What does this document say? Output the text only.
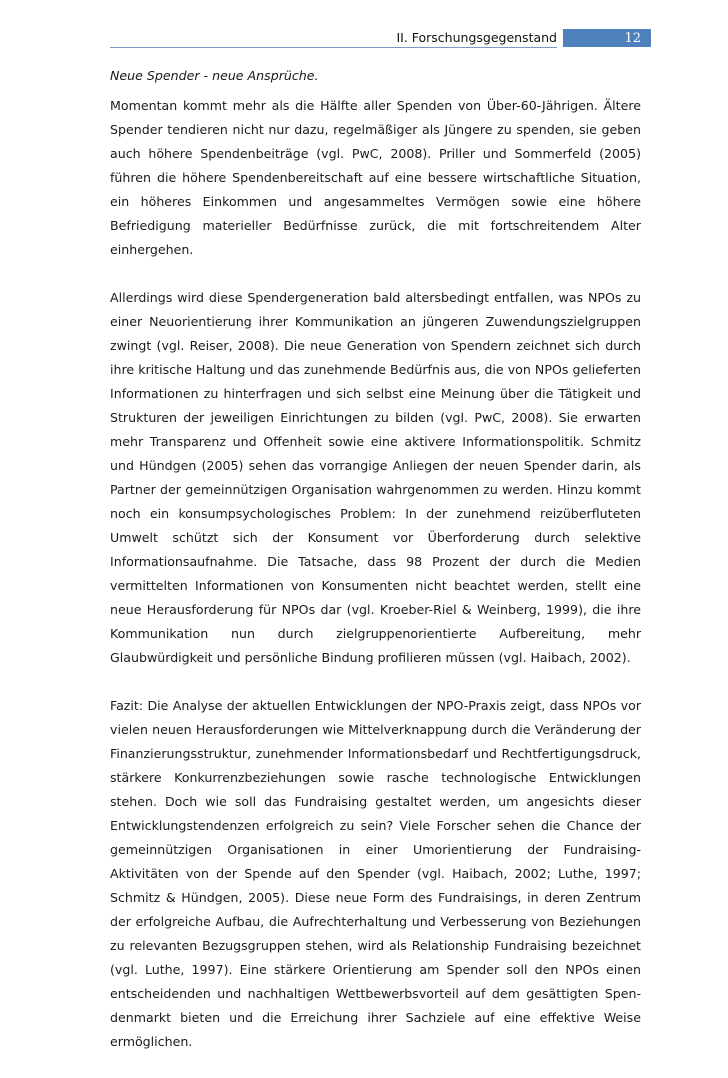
II. Forschungsgegenstand	12

Neue Spender - neue Ansprüche.

Momentan kommt mehr als die Hälfte aller Spenden von Über-60-Jährigen. Ältere Spender tendieren nicht nur dazu, regelmäßiger als Jüngere zu spenden, sie geben auch höhere Spendenbeiträge (vgl. PwC, 2008). Priller und Sommerfeld (2005) führen die höhere Spendenbereitschaft auf eine bessere wirtschaftliche Situation, ein höheres Einkommen und angesammeltes Vermögen sowie eine höhere Befriedigung materieller Bedürfnisse zurück, die mit fortschreitendem Alter einhergehen.

Allerdings wird diese Spendergeneration bald altersbedingt entfallen, was NPOs zu einer Neuorientierung ihrer Kommunikation an jüngeren Zuwendungszielgruppen zwingt (vgl. Reiser, 2008). Die neue Generation von Spendern zeichnet sich durch ihre kritische Haltung und das zunehmende Bedürfnis aus, die von NPOs gelieferten Informationen zu hinterfragen und sich selbst eine Meinung über die Tätigkeit und Strukturen der jeweiligen Einrichtungen zu bilden (vgl. PwC, 2008). Sie erwarten mehr Transparenz und Offenheit sowie eine aktivere Informationspolitik. Schmitz und Hündgen (2005) sehen das vorrangige Anliegen der neuen Spender darin, als Partner der gemeinnützigen Organisation wahrgenommen zu werden. Hinzu kommt noch ein konsumpsychologisches Problem: In der zunehmend reizüberfluteten Umwelt schützt sich der Konsument vor Überforderung durch selektive Informationsaufnahme. Die Tatsache, dass 98 Prozent der durch die Medien vermittelten Informationen von Konsumenten nicht beachtet werden, stellt eine neue Herausforderung für NPOs dar (vgl. Kroeber-Riel & Weinberg, 1999), die ihre Kommunikation nun durch zielgruppenorientierte Aufbereitung, mehr Glaubwürdigkeit und persönliche Bindung profilieren müssen (vgl. Haibach, 2002).

Fazit: Die Analyse der aktuellen Entwicklungen der NPO-Praxis zeigt, dass NPOs vor vielen neuen Herausforderungen wie Mittelverknappung durch die Veränderung der Finanzierungsstruktur, zunehmender Informationsbedarf und Rechtfertigungsdruck, stärkere Konkurrenzbeziehungen sowie rasche technologische Entwicklungen stehen. Doch wie soll das Fundraising gestaltet werden, um angesichts dieser Entwicklungstendenzen erfolgreich zu sein? Viele Forscher sehen die Chance der gemeinnützigen Organisationen in einer Umorientierung der Fundraising-Aktivitäten von der Spende auf den Spender (vgl. Haibach, 2002; Luthe, 1997; Schmitz & Hündgen, 2005). Diese neue Form des Fundraisings, in deren Zentrum der erfolgreiche Aufbau, die Aufrechterhaltung und Verbesserung von Beziehungen zu relevanten Bezugsgruppen stehen, wird als Relationship Fundraising bezeichnet (vgl. Luthe, 1997). Eine stärkere Orientierung am Spender soll den NPOs einen entscheidenden und nachhaltigen Wettbewerbsvorteil auf dem gesättigten Spendenmarkt bieten und die Erreichung ihrer Sachziele auf eine effektive Weise ermöglichen.
